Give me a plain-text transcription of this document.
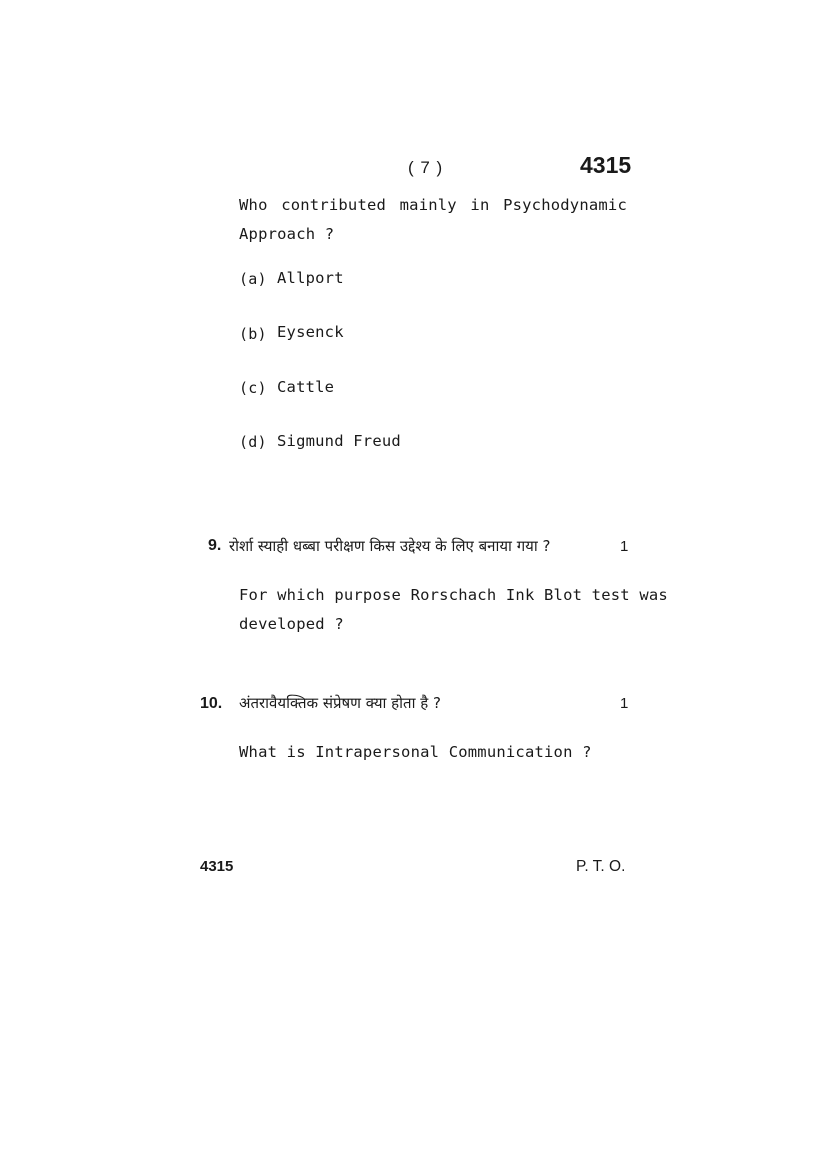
( 7 )	4315
Who contributed mainly in Psychodynamic
Approach ?
(a) Allport
(b) Eysenck
(c) Cattle
(d) Sigmund Freud
9. रोर्शा स्याही धब्बा परीक्षण किस उद्देश्य के लिए बनाया गया ?	1
For which purpose Rorschach Ink Blot test was
developed ?
10. अंतरावैयक्तिक संप्रेषण क्या होता है ?	1
What is Intrapersonal Communication ?
4315	P. T. O.
